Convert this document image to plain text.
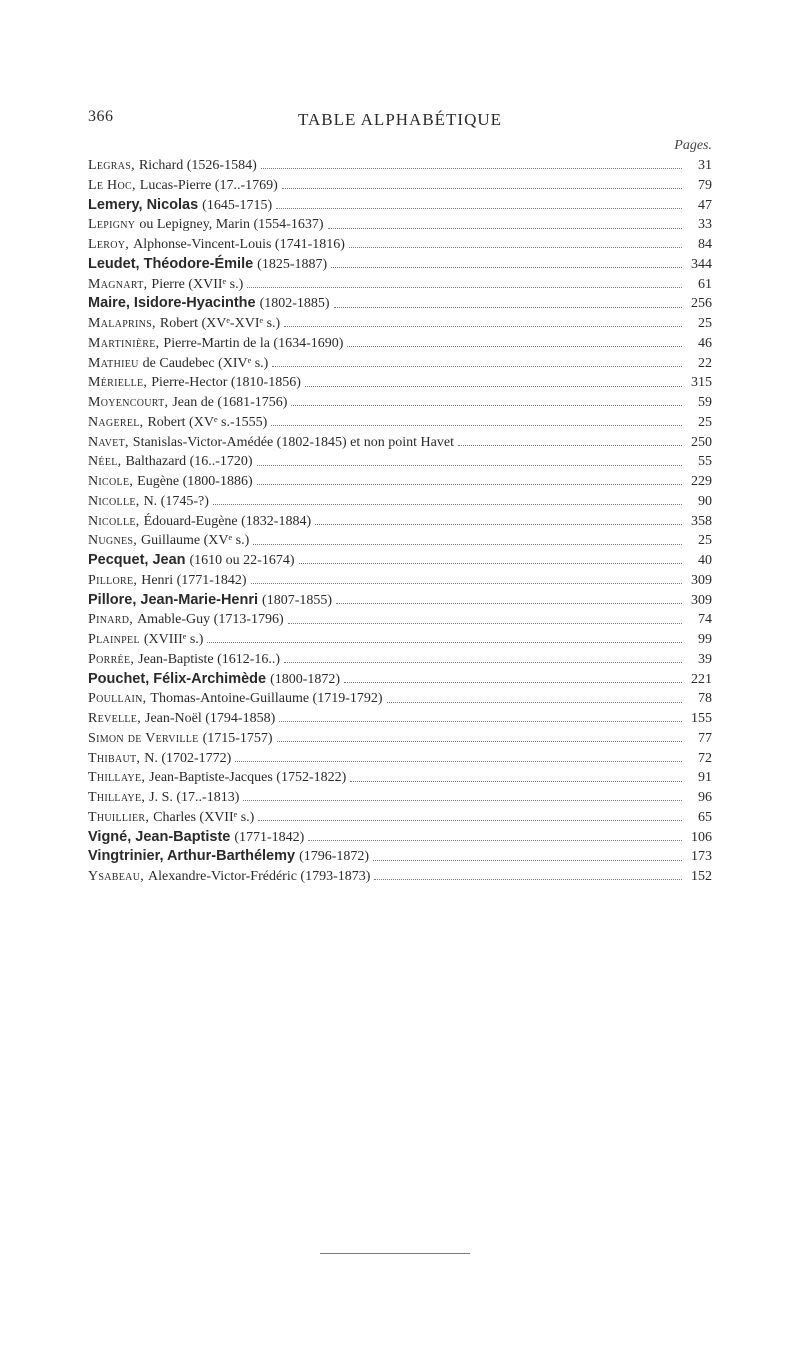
366	TABLE ALPHABÉTIQUE
Pages.
Legras, Richard (1526-1584)	31
Le Hoc, Lucas-Pierre (17..-1769)	79
Lemery, Nicolas (1645-1715)	47
Lepigny ou Lepigney, Marin (1554-1637)	33
Leroy, Alphonse-Vincent-Louis (1741-1816)	84
Leudet, Théodore-Émile (1825-1887)	344
Magnart, Pierre (XVIIᵉ s.)	61
Maire, Isidore-Hyacinthe (1802-1885)	256
Malaprins, Robert (XVᵉ-XVIᵉ s.)	25
Martinière, Pierre-Martin de la (1634-1690)	46
Mathieu de Caudebec (XIVᵉ s.)	22
Mérielle, Pierre-Hector (1810-1856)	315
Moyencourt, Jean de (1681-1756)	59
Nagerel, Robert (XVᵉ s.-1555)	25
Navet, Stanislas-Victor-Amédée (1802-1845) et non point Havet	250
Néel, Balthazard (16..-1720)	55
Nicole, Eugène (1800-1886)	229
Nicolle, N. (1745-?)	90
Nicolle, Édouard-Eugène (1832-1884)	358
Nugnes, Guillaume (XVᵉ s.)	25
Pecquet, Jean (1610 ou 22-1674)	40
Pillore, Henri (1771-1842)	309
Pillore, Jean-Marie-Henri (1807-1855)	309
Pinard, Amable-Guy (1713-1796)	74
Plainpel (XVIIIᵉ s.)	99
Porrée, Jean-Baptiste (1612-16..)	39
Pouchet, Félix-Archimède (1800-1872)	221
Poullain, Thomas-Antoine-Guillaume (1719-1792)	78
Revelle, Jean-Noël (1794-1858)	155
Simon de Verville (1715-1757)	77
Thibaut, N. (1702-1772)	72
Thillaye, Jean-Baptiste-Jacques (1752-1822)	91
Thillaye, J. S. (17..-1813)	96
Thuillier, Charles (XVIIᵉ s.)	65
Vigné, Jean-Baptiste (1771-1842)	106
Vingtrinier, Arthur-Barthélemy (1796-1872)	173
Ysabeau, Alexandre-Victor-Frédéric (1793-1873)	152
